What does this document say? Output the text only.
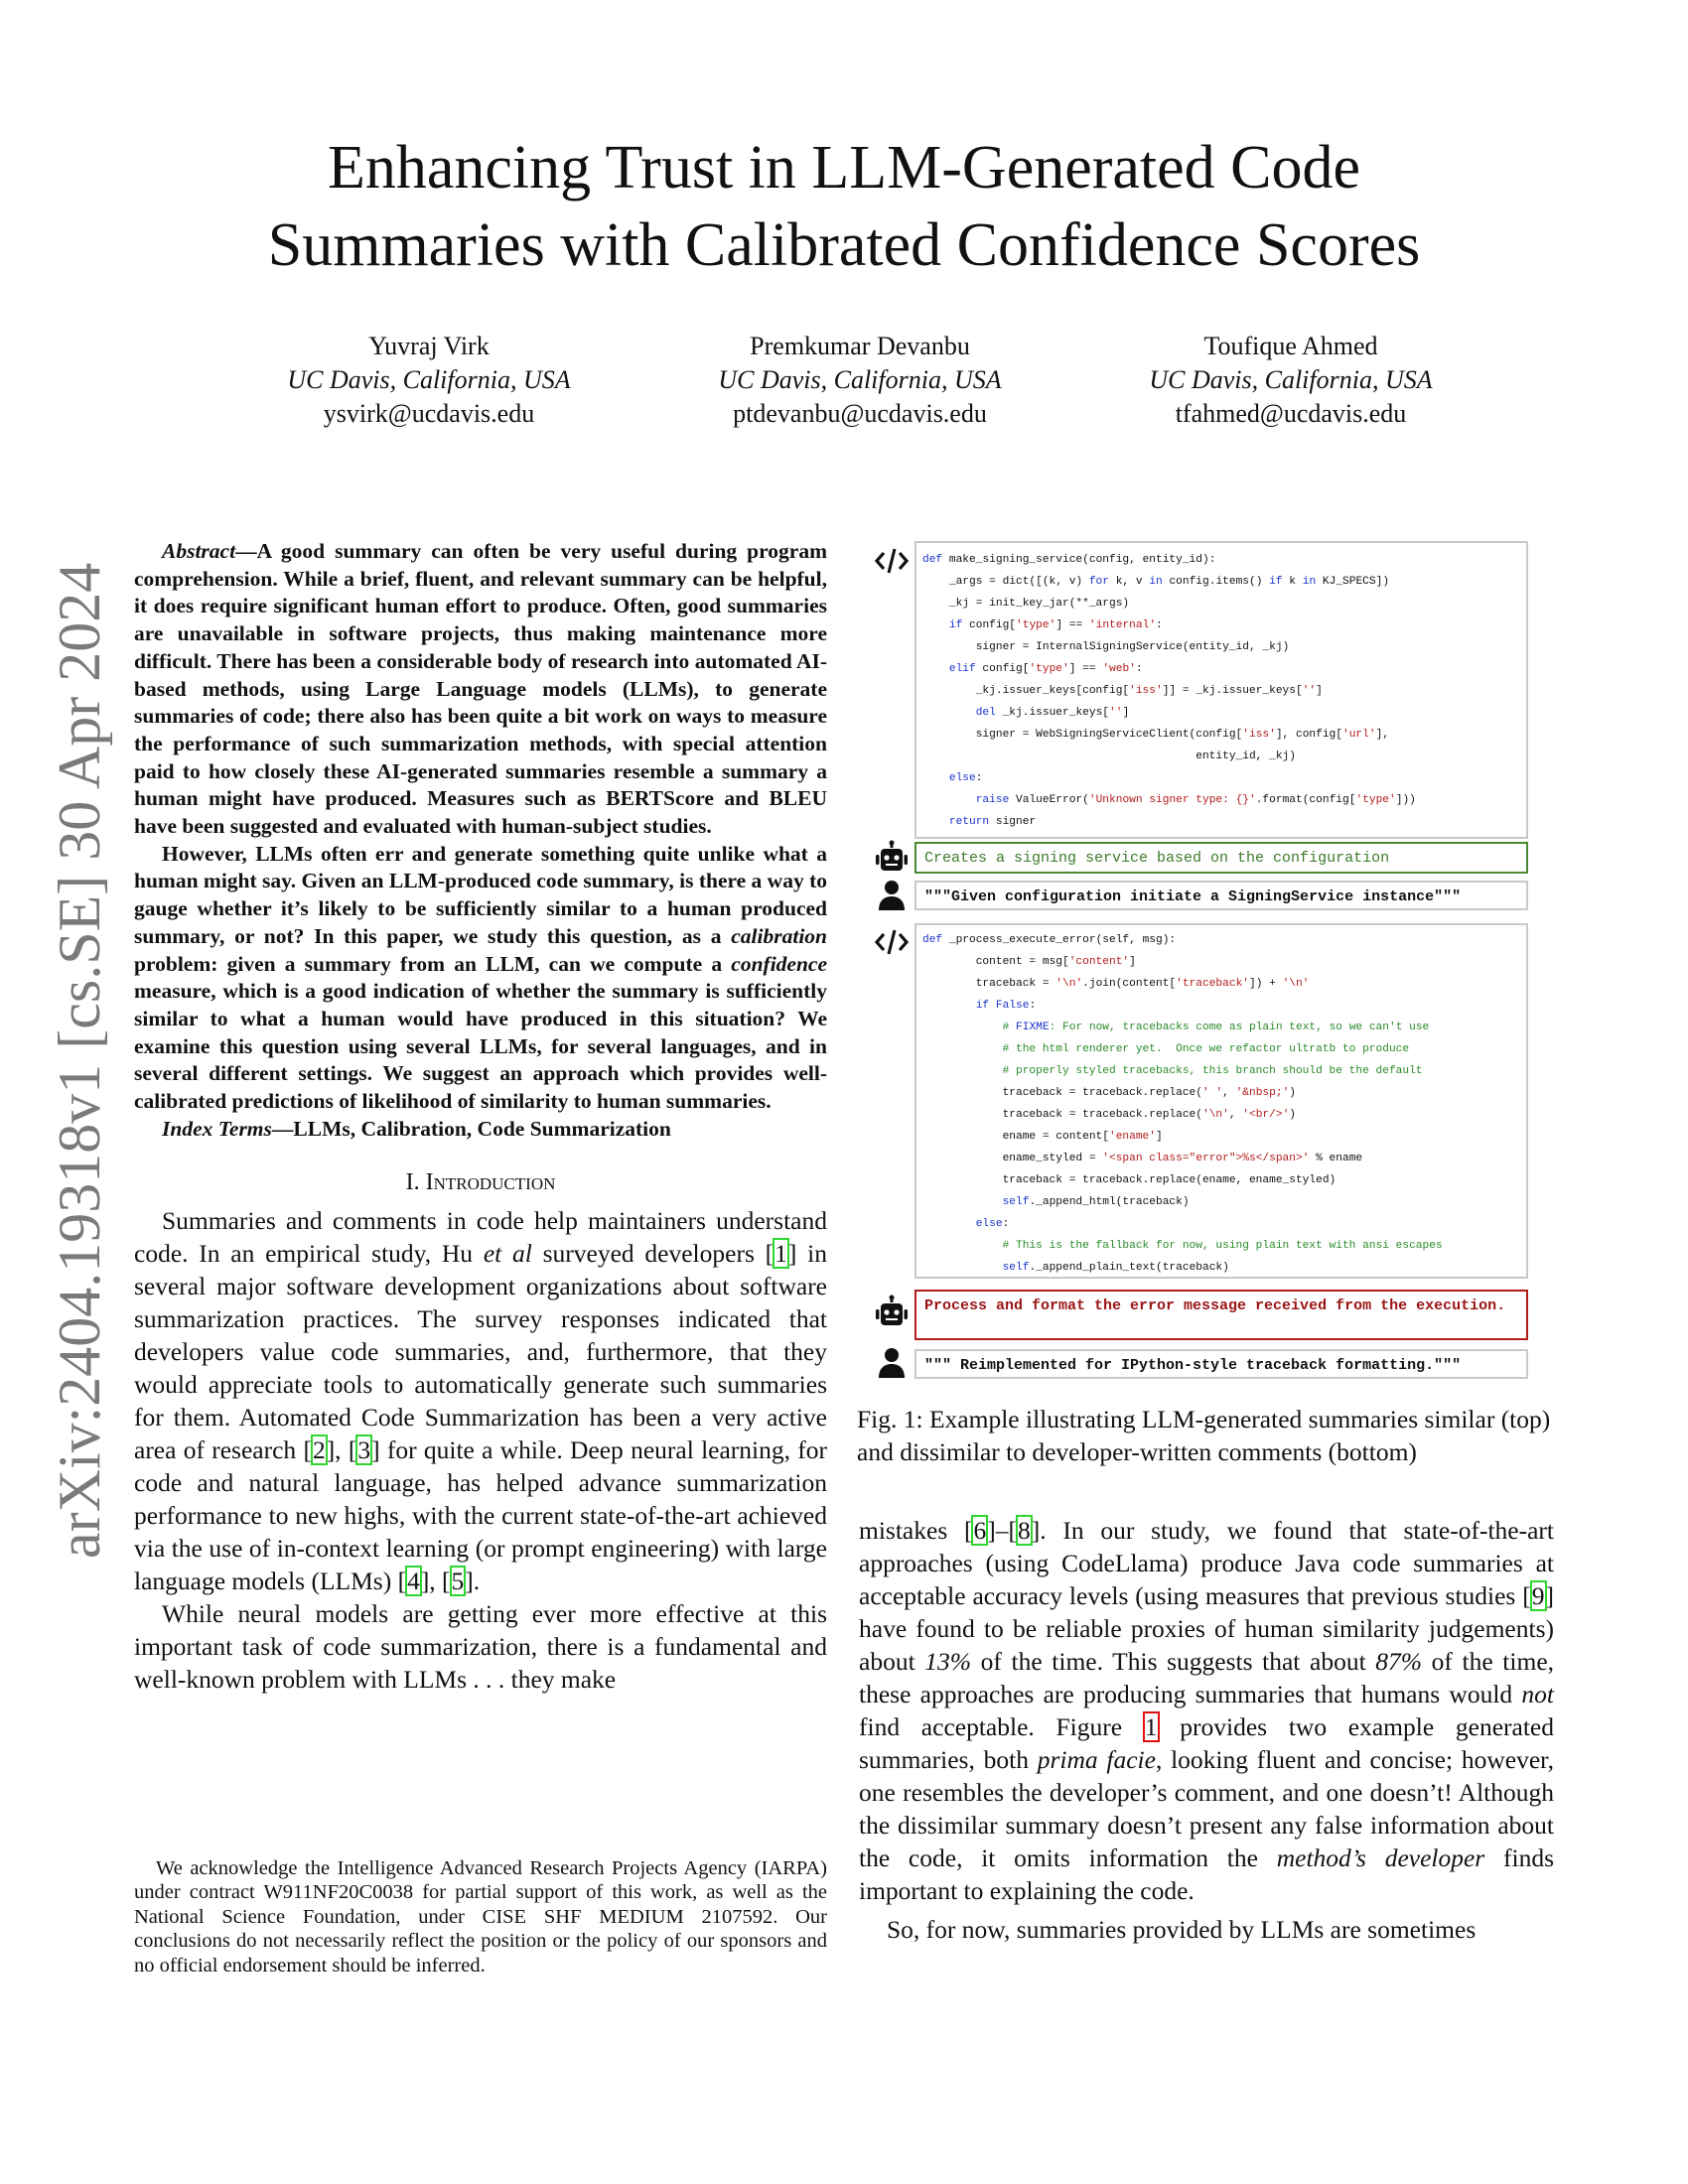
arXiv:2404.19318v1 [cs.SE] 30 Apr 2024
Enhancing Trust in LLM-Generated Code
Summaries with Calibrated Confidence Scores
Yuvraj Virk
UC Davis, California, USA
ysvirk@ucdavis.edu
Premkumar Devanbu
UC Davis, California, USA
ptdevanbu@ucdavis.edu
Toufique Ahmed
UC Davis, California, USA
tfahmed@ucdavis.edu

Abstract—A good summary can often be very useful during program comprehension. While a brief, fluent, and relevant summary can be helpful, it does require significant human effort to produce. Often, good summaries are unavailable in software projects, thus making maintenance more difficult. There has been a considerable body of research into automated AI-based methods, using Large Language models (LLMs), to generate summaries of code; there also has been quite a bit work on ways to measure the performance of such summarization methods, with special attention paid to how closely these AI-generated summaries resemble a summary a human might have produced. Measures such as BERTScore and BLEU have been suggested and evaluated with human-subject studies.

However, LLMs often err and generate something quite unlike what a human might say. Given an LLM-produced code summary, is there a way to gauge whether it’s likely to be sufficiently similar to a human produced summary, or not? In this paper, we study this question, as a calibration problem: given a summary from an LLM, can we compute a confidence measure, which is a good indication of whether the summary is sufficiently similar to what a human would have produced in this situation? We examine this question using several LLMs, for several languages, and in several different settings. We suggest an approach which provides well-calibrated predictions of likelihood of similarity to human summaries.

Index Terms—LLMs, Calibration, Code Summarization

I. Introduction

Summaries and comments in code help maintainers understand code. In an empirical study, Hu et al surveyed developers [1] in several major software development organizations about software summarization practices. The survey responses indicated that developers value code summaries, and, furthermore, that they would appreciate tools to automatically generate such summaries for them. Automated Code Summarization has been a very active area of research [2], [3] for quite a while. Deep neural learning, for code and natural language, has helped advance summarization performance to new highs, with the current state-of-the-art achieved via the use of in-context learning (or prompt engineering) with large language models (LLMs) [4], [5].

While neural models are getting ever more effective at this important task of code summarization, there is a fundamental and well-known problem with LLMs . . . they make

We acknowledge the Intelligence Advanced Research Projects Agency (IARPA) under contract W911NF20C0038 for partial support of this work, as well as the National Science Foundation, under CISE SHF MEDIUM 2107592. Our conclusions do not necessarily reflect the position or the policy of our sponsors and no official endorsement should be inferred.
def make_signing_service(config, entity_id):
_args = dict([(k, v) for k, v in config.items() if k in KJ_SPECS])
_kj = init_key_jar(**_args)
if config['type'] == 'internal':
signer = InternalSigningService(entity_id, _kj)
elif config['type'] == 'web':
_kj.issuer_keys[config['iss']] = _kj.issuer_keys['']
del _kj.issuer_keys['']
signer = WebSigningServiceClient(config['iss'], config['url'],
entity_id, _kj)
else:
raise ValueError('Unknown signer type: {}'.format(config['type']))
return signer
Creates a signing service based on the configuration
"""Given configuration initiate a SigningService instance"""
def _process_execute_error(self, msg):
content = msg['content']
traceback = '\n'.join(content['traceback']) + '\n'
if False:
# FIXME: For now, tracebacks come as plain text, so we can't use
# the html renderer yet.  Once we refactor ultratb to produce
# properly styled tracebacks, this branch should be the default
traceback = traceback.replace(' ', '&nbsp;')
traceback = traceback.replace('\n', '<br/>')
ename = content['ename']
ename_styled = '<span class="error">%s</span>' % ename
traceback = traceback.replace(ename, ename_styled)
self._append_html(traceback)
else:
# This is the fallback for now, using plain text with ansi escapes
self._append_plain_text(traceback)
Process and format the error message received from the execution.
""" Reimplemented for IPython-style traceback formatting."""
Fig. 1: Example illustrating LLM-generated summaries similar (top) and dissimilar to developer-written comments (bottom)

mistakes [6]–[8]. In our study, we found that state-of-the-art approaches (using CodeLlama) produce Java code summaries at acceptable accuracy levels (using measures that previous studies [9] have found to be reliable proxies of human similarity judgements) about 13% of the time. This suggests that about 87% of the time, these approaches are producing summaries that humans would not find acceptable. Figure 1 provides two example generated summaries, both prima facie, looking fluent and concise; however, one resembles the developer’s comment, and one doesn’t! Although the dissimilar summary doesn’t present any false information about the code, it omits information the method’s developer finds important to explaining the code.

So, for now, summaries provided by LLMs are sometimes
